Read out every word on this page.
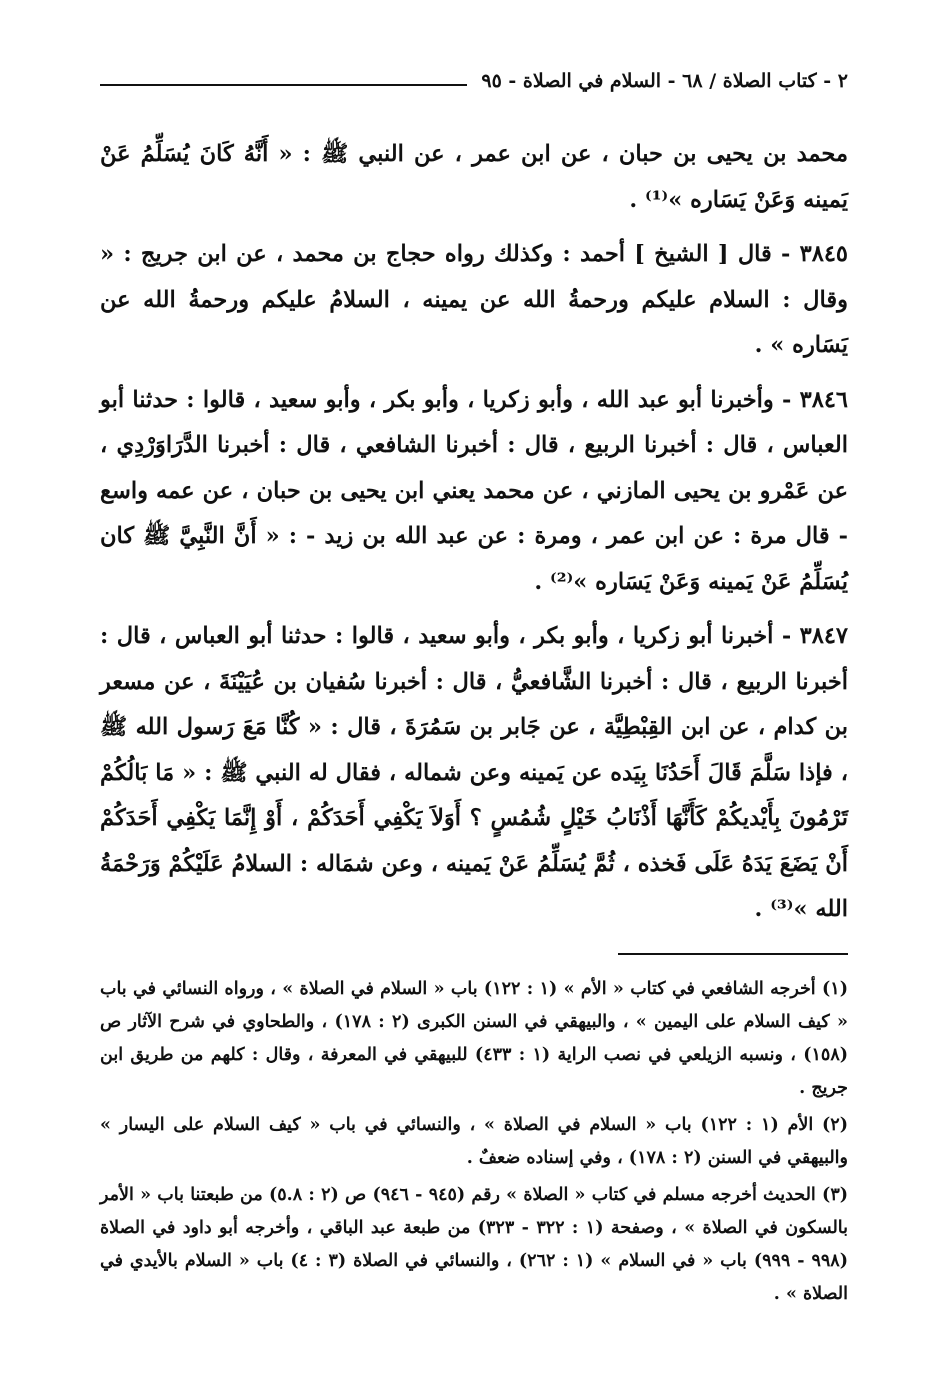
٢ - كتاب الصلاة / ٦٨ - السلام في الصلاة - ٩٥

محمد بن يحيى بن حبان ، عن ابن عمر ، عن النبي ﷺ : « أَنَّهُ كَانَ يُسَلِّمُ عَنْ يَمينه وَعَنْ يَسَاره »⁽¹⁾ .

٣٨٤٥ - قال [ الشيخ ] أحمد : وكذلك رواه حجاج بن محمد ، عن ابن جريج : « وقال : السلام عليكم ورحمةُ الله عن يمينه ، السلامُ عليكم ورحمةُ الله عن يَسَاره » .

٣٨٤٦ - وأخبرنا أبو عبد الله ، وأبو زكريا ، وأبو بكر ، وأبو سعيد ، قالوا : حدثنا أبو العباس ، قال : أخبرنا الربيع ، قال : أخبرنا الشافعي ، قال : أخبرنا الدَّرَاوَرْدِي ، عن عَمْرو بن يحيى المازني ، عن محمد يعني ابن يحيى بن حبان ، عن عمه واسع - قال مرة : عن ابن عمر ، ومرة : عن عبد الله بن زيد - : « أَنَّ النَّبِيَّ ﷺ كان يُسَلِّمُ عَنْ يَمينه وَعَنْ يَسَاره »⁽²⁾ .

٣٨٤٧ - أخبرنا أبو زكريا ، وأبو بكر ، وأبو سعيد ، قالوا : حدثنا أبو العباس ، قال : أخبرنا الربيع ، قال : أخبرنا الشَّافعيُّ ، قال : أخبرنا سُفيان بن عُيَيْنَةَ ، عن مسعر بن كدام ، عن ابن القِبْطِيَّة ، عن جَابر بن سَمُرَةَ ، قال : « كُنَّا مَعَ رَسول الله ﷺ ، فإذا سَلَّمَ قَالَ أَحَدُنَا بِيَده عن يَمينه وعن شماله ، فقال له النبي ﷺ : « مَا بَالُكُمْ تَرْمُونَ بِأَيْديكُمْ كَأَنَّهَا أَذْنَابُ خَيْلٍ شُمُسٍ ؟ أَوَلاَ يَكْفِي أَحَدَكُمْ ، أَوْ إِنَّمَا يَكْفِي أَحَدَكُمْ أَنْ يَضَعَ يَدَهُ عَلَى فَخذه ، ثُمَّ يُسَلِّمُ عَنْ يَمينه ، وعن شمَاله : السلامُ عَلَيْكُمْ وَرَحْمَةُ الله »⁽³⁾ .

(١) أخرجه الشافعي في كتاب « الأم » (١ : ١٢٢) باب « السلام في الصلاة » ، ورواه النسائي في باب « كيف السلام على اليمين » ، والبيهقي في السنن الكبرى (٢ : ١٧٨) ، والطحاوي في شرح الآثار ص (١٥٨) ، ونسبه الزيلعي في نصب الراية (١ : ٤٣٣) للبيهقي في المعرفة ، وقال : كلهم من طريق ابن جريج .

(٢) الأم (١ : ١٢٢) باب « السلام في الصلاة » ، والنسائي في باب « كيف السلام على اليسار » والبيهقي في السنن (٢ : ١٧٨) ، وفي إسناده ضعفٌ .

(٣) الحديث أخرجه مسلم في كتاب « الصلاة » رقم (٩٤٥ - ٩٤٦) ص (٢ : ٥.٨) من طبعتنا باب « الأمر بالسكون في الصلاة » ، وصفحة (١ : ٣٢٢ - ٣٢٣) من طبعة عبد الباقي ، وأخرجه أبو داود في الصلاة (٩٩٨ - ٩٩٩) باب « في السلام » (١ : ٢٦٢) ، والنسائي في الصلاة (٣ : ٤) باب « السلام بالأيدي في الصلاة » .
